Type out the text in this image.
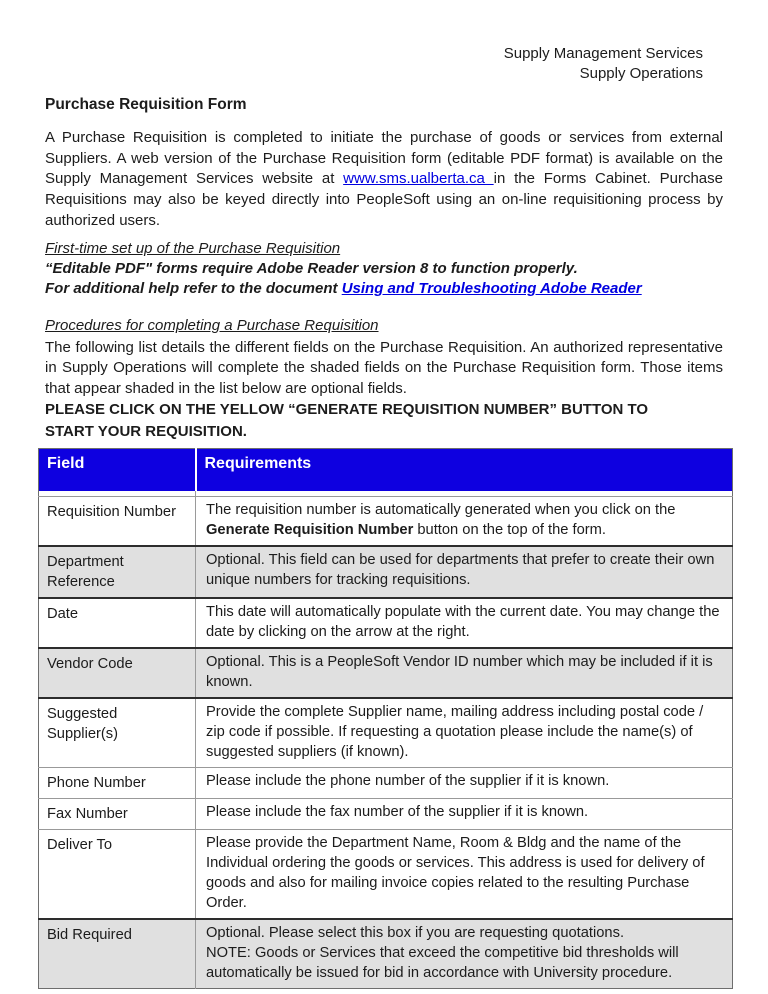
Supply Management Services
Supply Operations
Purchase Requisition Form

A Purchase Requisition is completed to initiate the purchase of goods or services from external Suppliers. A web version of the Purchase Requisition form (editable PDF format) is available on the Supply Management Services website at www.sms.ualberta.ca in the Forms Cabinet. Purchase Requisitions may also be keyed directly into PeopleSoft using an on-line requisitioning process by authorized users.

First-time set up of the Purchase Requisition
“Editable PDF" forms require Adobe Reader version 8 to function properly.
For additional help refer to the document Using and Troubleshooting Adobe Reader
Procedures for completing a Purchase Requisition

The following list details the different fields on the Purchase Requisition. An authorized representative in Supply Operations will complete the shaded fields on the Purchase Requisition form. Those items that appear shaded in the list below are optional fields.

PLEASE CLICK ON THE YELLOW “GENERATE REQUISITION NUMBER” BUTTON TO START YOUR REQUISITION.
Field	Requirements

Requisition Number	The requisition number is automatically generated when you click on the Generate Requisition Number button on the top of the form.
Department Reference	Optional. This field can be used for departments that prefer to create their own unique numbers for tracking requisitions.
Date	This date will automatically populate with the current date. You may change the date by clicking on the arrow at the right.
Vendor Code	Optional. This is a PeopleSoft Vendor ID number which may be included if it is known.
Suggested Supplier(s)	Provide the complete Supplier name, mailing address including postal code / zip code if possible. If requesting a quotation please include the name(s) of suggested suppliers (if known).
Phone Number	Please include the phone number of the supplier if it is known.
Fax Number	Please include the fax number of the supplier if it is known.
Deliver To	Please provide the Department Name, Room & Bldg and the name of the Individual ordering the goods or services. This address is used for delivery of goods and also for mailing invoice copies related to the resulting Purchase Order.
Bid Required	Optional. Please select this box if you are requesting quotations.
NOTE: Goods or Services that exceed the competitive bid thresholds will automatically be issued for bid in accordance with University procedure.
